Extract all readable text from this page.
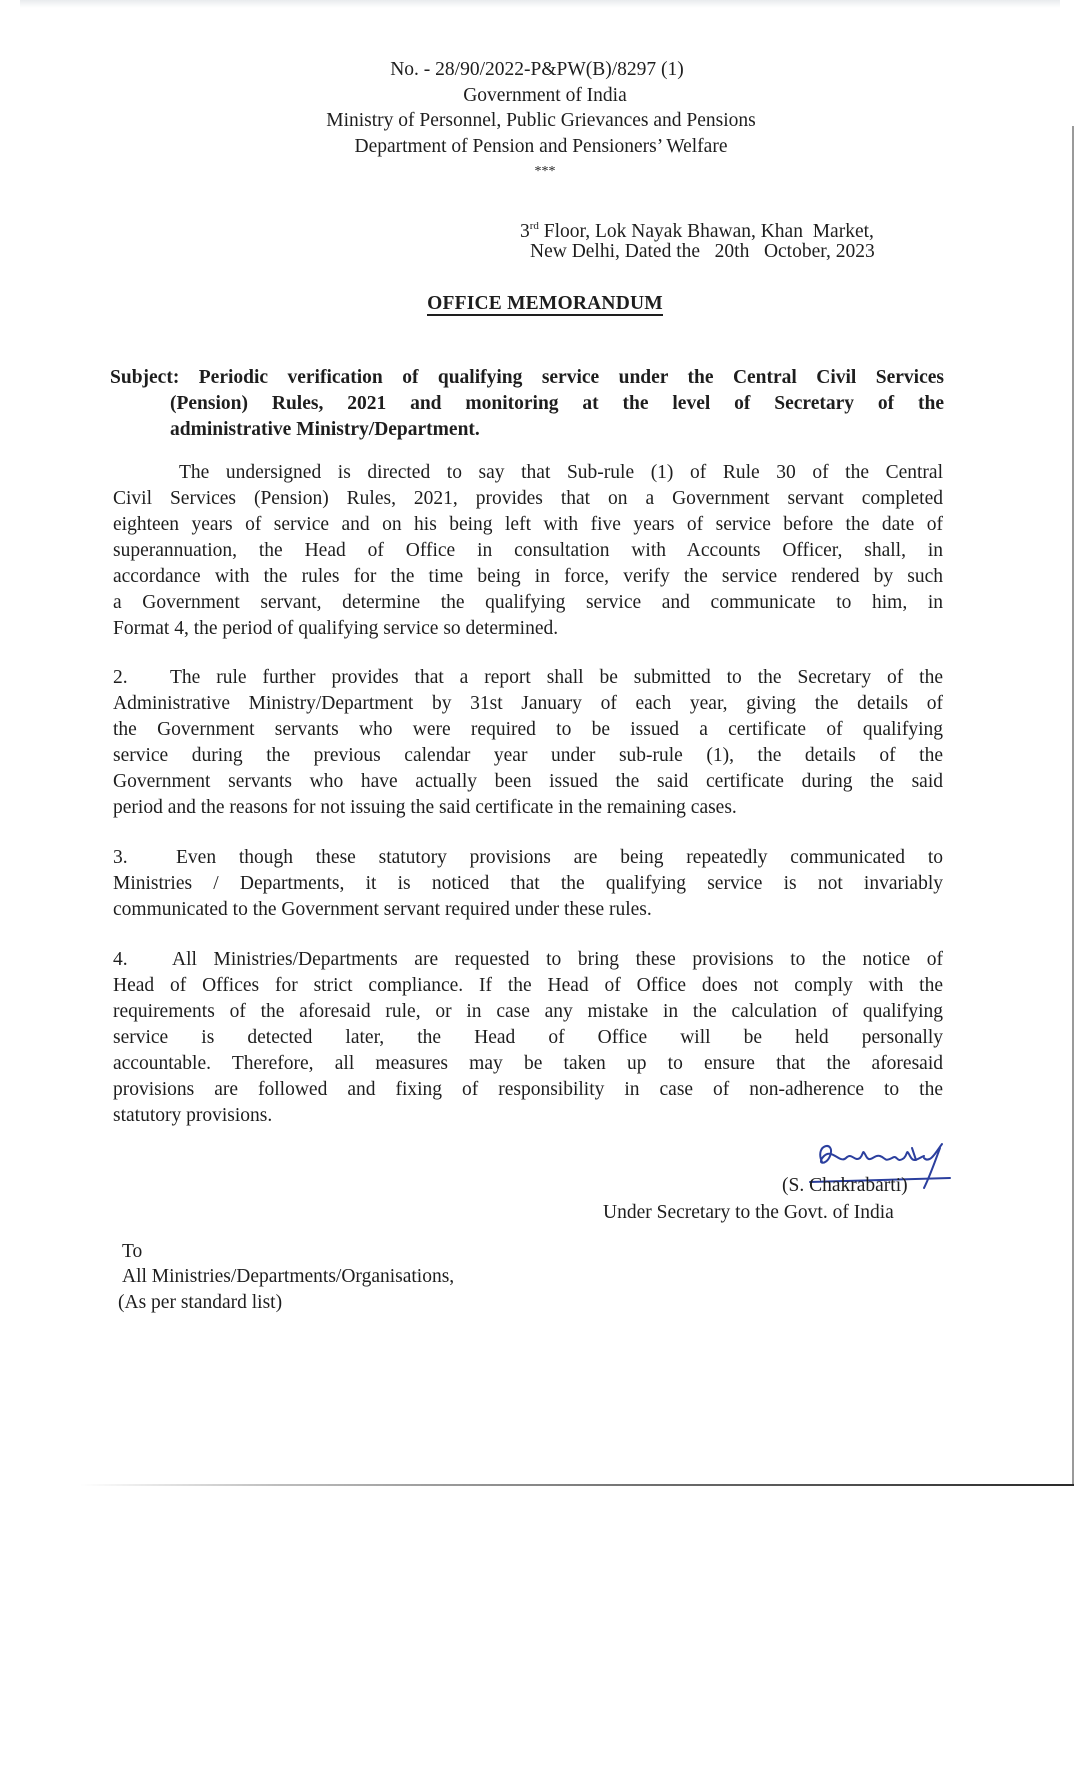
No. - 28/90/2022-P&PW(B)/8297 (1)
Government of India
Ministry of Personnel, Public Grievances and Pensions
Department of Pension and Pensioners’ Welfare
***
3rd Floor, Lok Nayak Bhawan, Khan  Market,
New Delhi, Dated the   20th   October, 2023
OFFICE MEMORANDUM
Subject: Periodic verification of qualifying service under the Central Civil Services
(Pension) Rules, 2021 and monitoring at the level of Secretary of the
administrative Ministry/Department.
The undersigned is directed to say that Sub-rule (1) of Rule 30 of the Central
Civil Services (Pension) Rules, 2021, provides that on a Government servant completed
eighteen years of service and on his being left with five years of service before the date of
superannuation, the Head of Office in consultation with Accounts Officer, shall, in
accordance with the rules for the time being in force, verify the service rendered by such
a Government servant, determine the qualifying service and communicate to him, in
Format 4, the period of qualifying service so determined.
2.	The rule further provides that a report shall be submitted to the Secretary of the
Administrative Ministry/Department by 31st January of each year, giving the details of
the Government servants who were required to be issued a certificate of qualifying
service during the previous calendar year under sub-rule (1), the details of the
Government servants who have actually been issued the said certificate during the said
period and the reasons for not issuing the said certificate in the remaining cases.
3.	Even though these statutory provisions are being repeatedly communicated to
Ministries / Departments, it is noticed that the qualifying service is not invariably
communicated to the Government servant required under these rules.
4.	All Ministries/Departments are requested to bring these provisions to the notice of
Head of Offices for strict compliance. If the Head of Office does not comply with the
requirements of the aforesaid rule, or in case any mistake in the calculation of qualifying
service is detected later, the Head of Office will be held personally
accountable. Therefore, all measures may be taken up to ensure that the aforesaid
provisions are followed and fixing of responsibility in case of non-adherence to the
statutory provisions.
(S. Chakrabarti)
Under Secretary to the Govt. of India
To
All Ministries/Departments/Organisations,
(As per standard list)
